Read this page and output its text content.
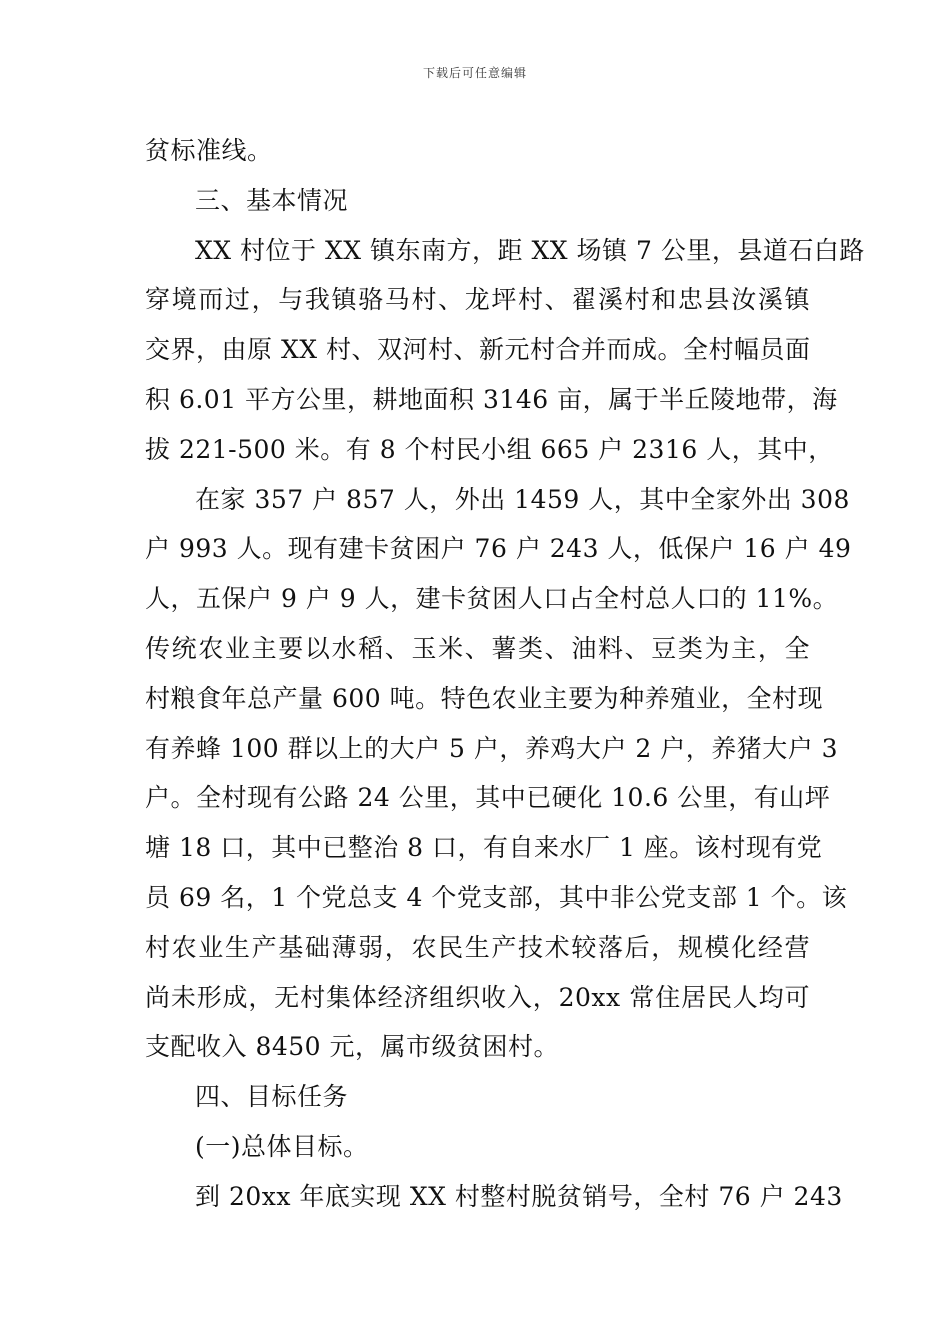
下载后可任意编辑
贫标准线。
三、基本情况
XX 村位于 XX 镇东南方，距 XX 场镇 7 公里，县道石白路
穿境而过，与我镇骆马村、龙坪村、翟溪村和忠县汝溪镇
交界，由原 XX 村、双河村、新元村合并而成。全村幅员面
积 6.01 平方公里，耕地面积 3146 亩，属于半丘陵地带，海
拔 221-500 米。有 8 个村民小组 665 户 2316 人，其中，
在家 357 户 857 人，外出 1459 人，其中全家外出 308
户 993 人。现有建卡贫困户 76 户 243 人，低保户 16 户 49
人，五保户 9 户 9 人，建卡贫困人口占全村总人口的 11%。
传统农业主要以水稻、玉米、薯类、油料、豆类为主，全
村粮食年总产量 600 吨。特色农业主要为种养殖业，全村现
有养蜂 100 群以上的大户 5 户，养鸡大户 2 户，养猪大户 3
户。全村现有公路 24 公里，其中已硬化 10.6 公里，有山坪
塘 18 口，其中已整治 8 口，有自来水厂 1 座。该村现有党
员 69 名，1 个党总支 4 个党支部，其中非公党支部 1 个。该
村农业生产基础薄弱，农民生产技术较落后，规模化经营
尚未形成，无村集体经济组织收入，20xx 常住居民人均可
支配收入 8450 元，属市级贫困村。
四、目标任务
(一)总体目标。
到 20xx 年底实现 XX 村整村脱贫销号，全村 76 户 243
